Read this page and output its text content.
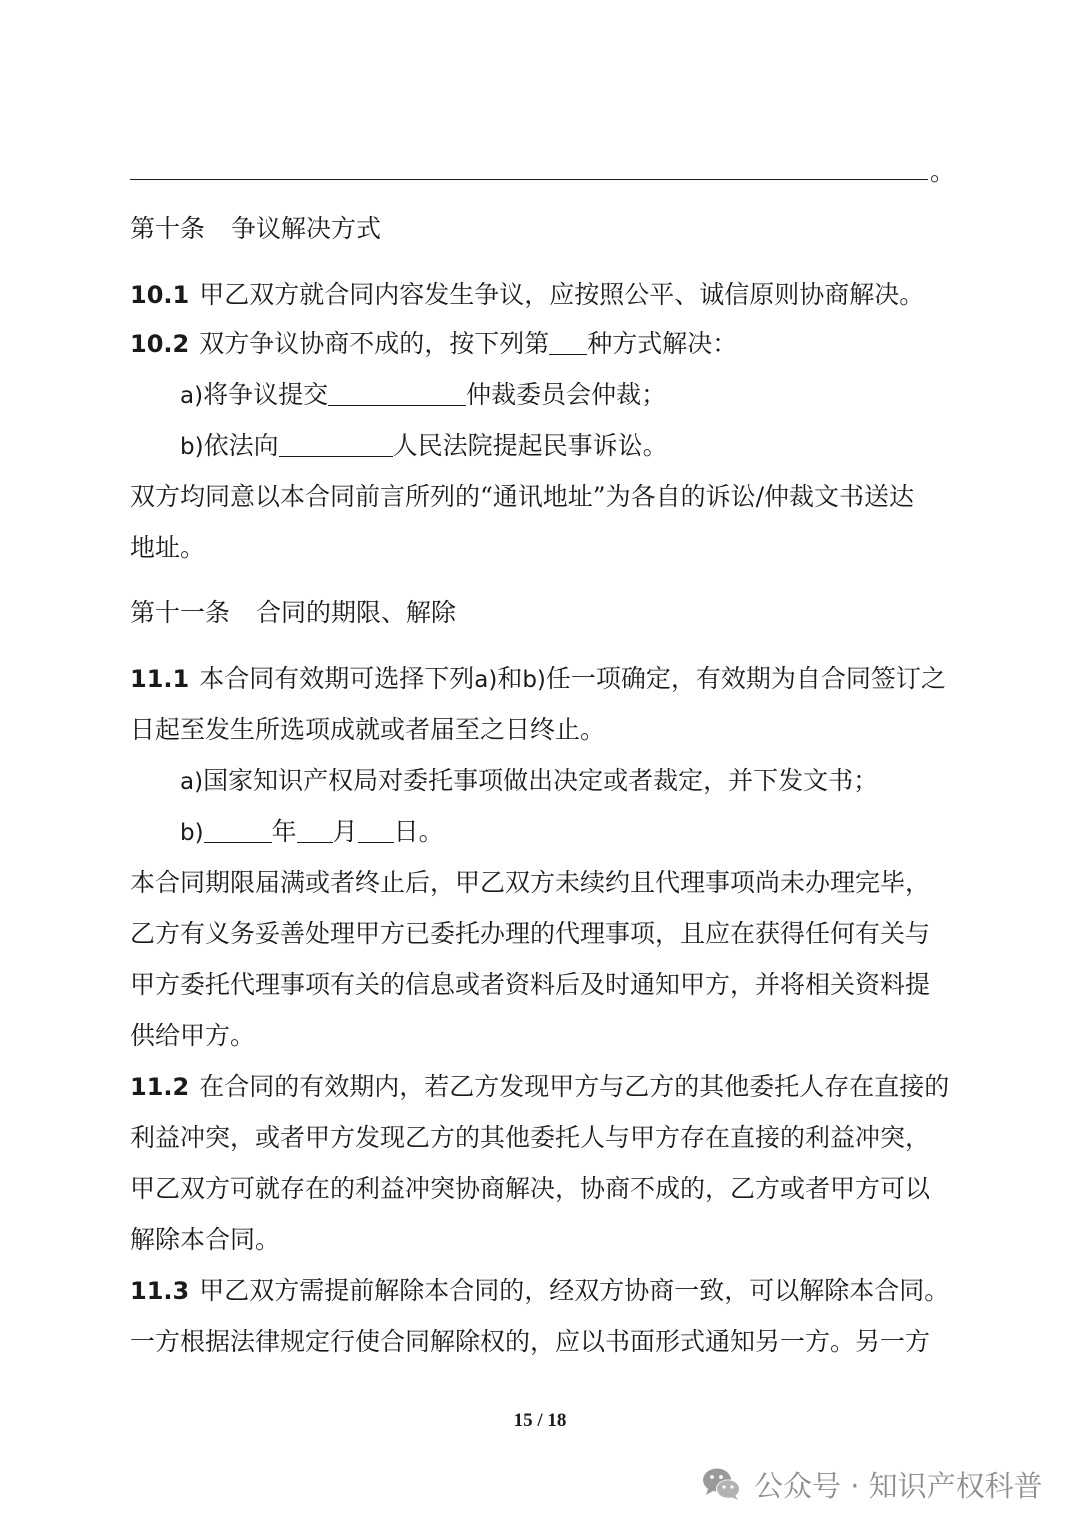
。
第十条 争议解决方式
10.1 甲乙双方就合同内容发生争议，应按照公平、诚信原则协商解决。
10.2 双方争议协商不成的，按下列第 种方式解决：
a)将争议提交	仲裁委员会仲裁；
b)依法向	人民法院提起民事诉讼。
双方均同意以本合同前言所列的“通讯地址”为各自的诉讼/仲裁文书送达
地址。
第十一条 合同的期限、解除
11.1 本合同有效期可选择下列a)和b)任一项确定，有效期为自合同签订之
日起至发生所选项成就或者届至之日终止。
a)国家知识产权局对委托事项做出决定或者裁定，并下发文书；
b)	年 月 日。
本合同期限届满或者终止后，甲乙双方未续约且代理事项尚未办理完毕，
乙方有义务妥善处理甲方已委托办理的代理事项，且应在获得任何有关与
甲方委托代理事项有关的信息或者资料后及时通知甲方，并将相关资料提
供给甲方。
11.2 在合同的有效期内，若乙方发现甲方与乙方的其他委托人存在直接的
利益冲突，或者甲方发现乙方的其他委托人与甲方存在直接的利益冲突，
甲乙双方可就存在的利益冲突协商解决，协商不成的，乙方或者甲方可以
解除本合同。
11.3 甲乙双方需提前解除本合同的，经双方协商一致，可以解除本合同。
一方根据法律规定行使合同解除权的，应以书面形式通知另一方。另一方
15 / 18
公众号 · 知识产权科普
